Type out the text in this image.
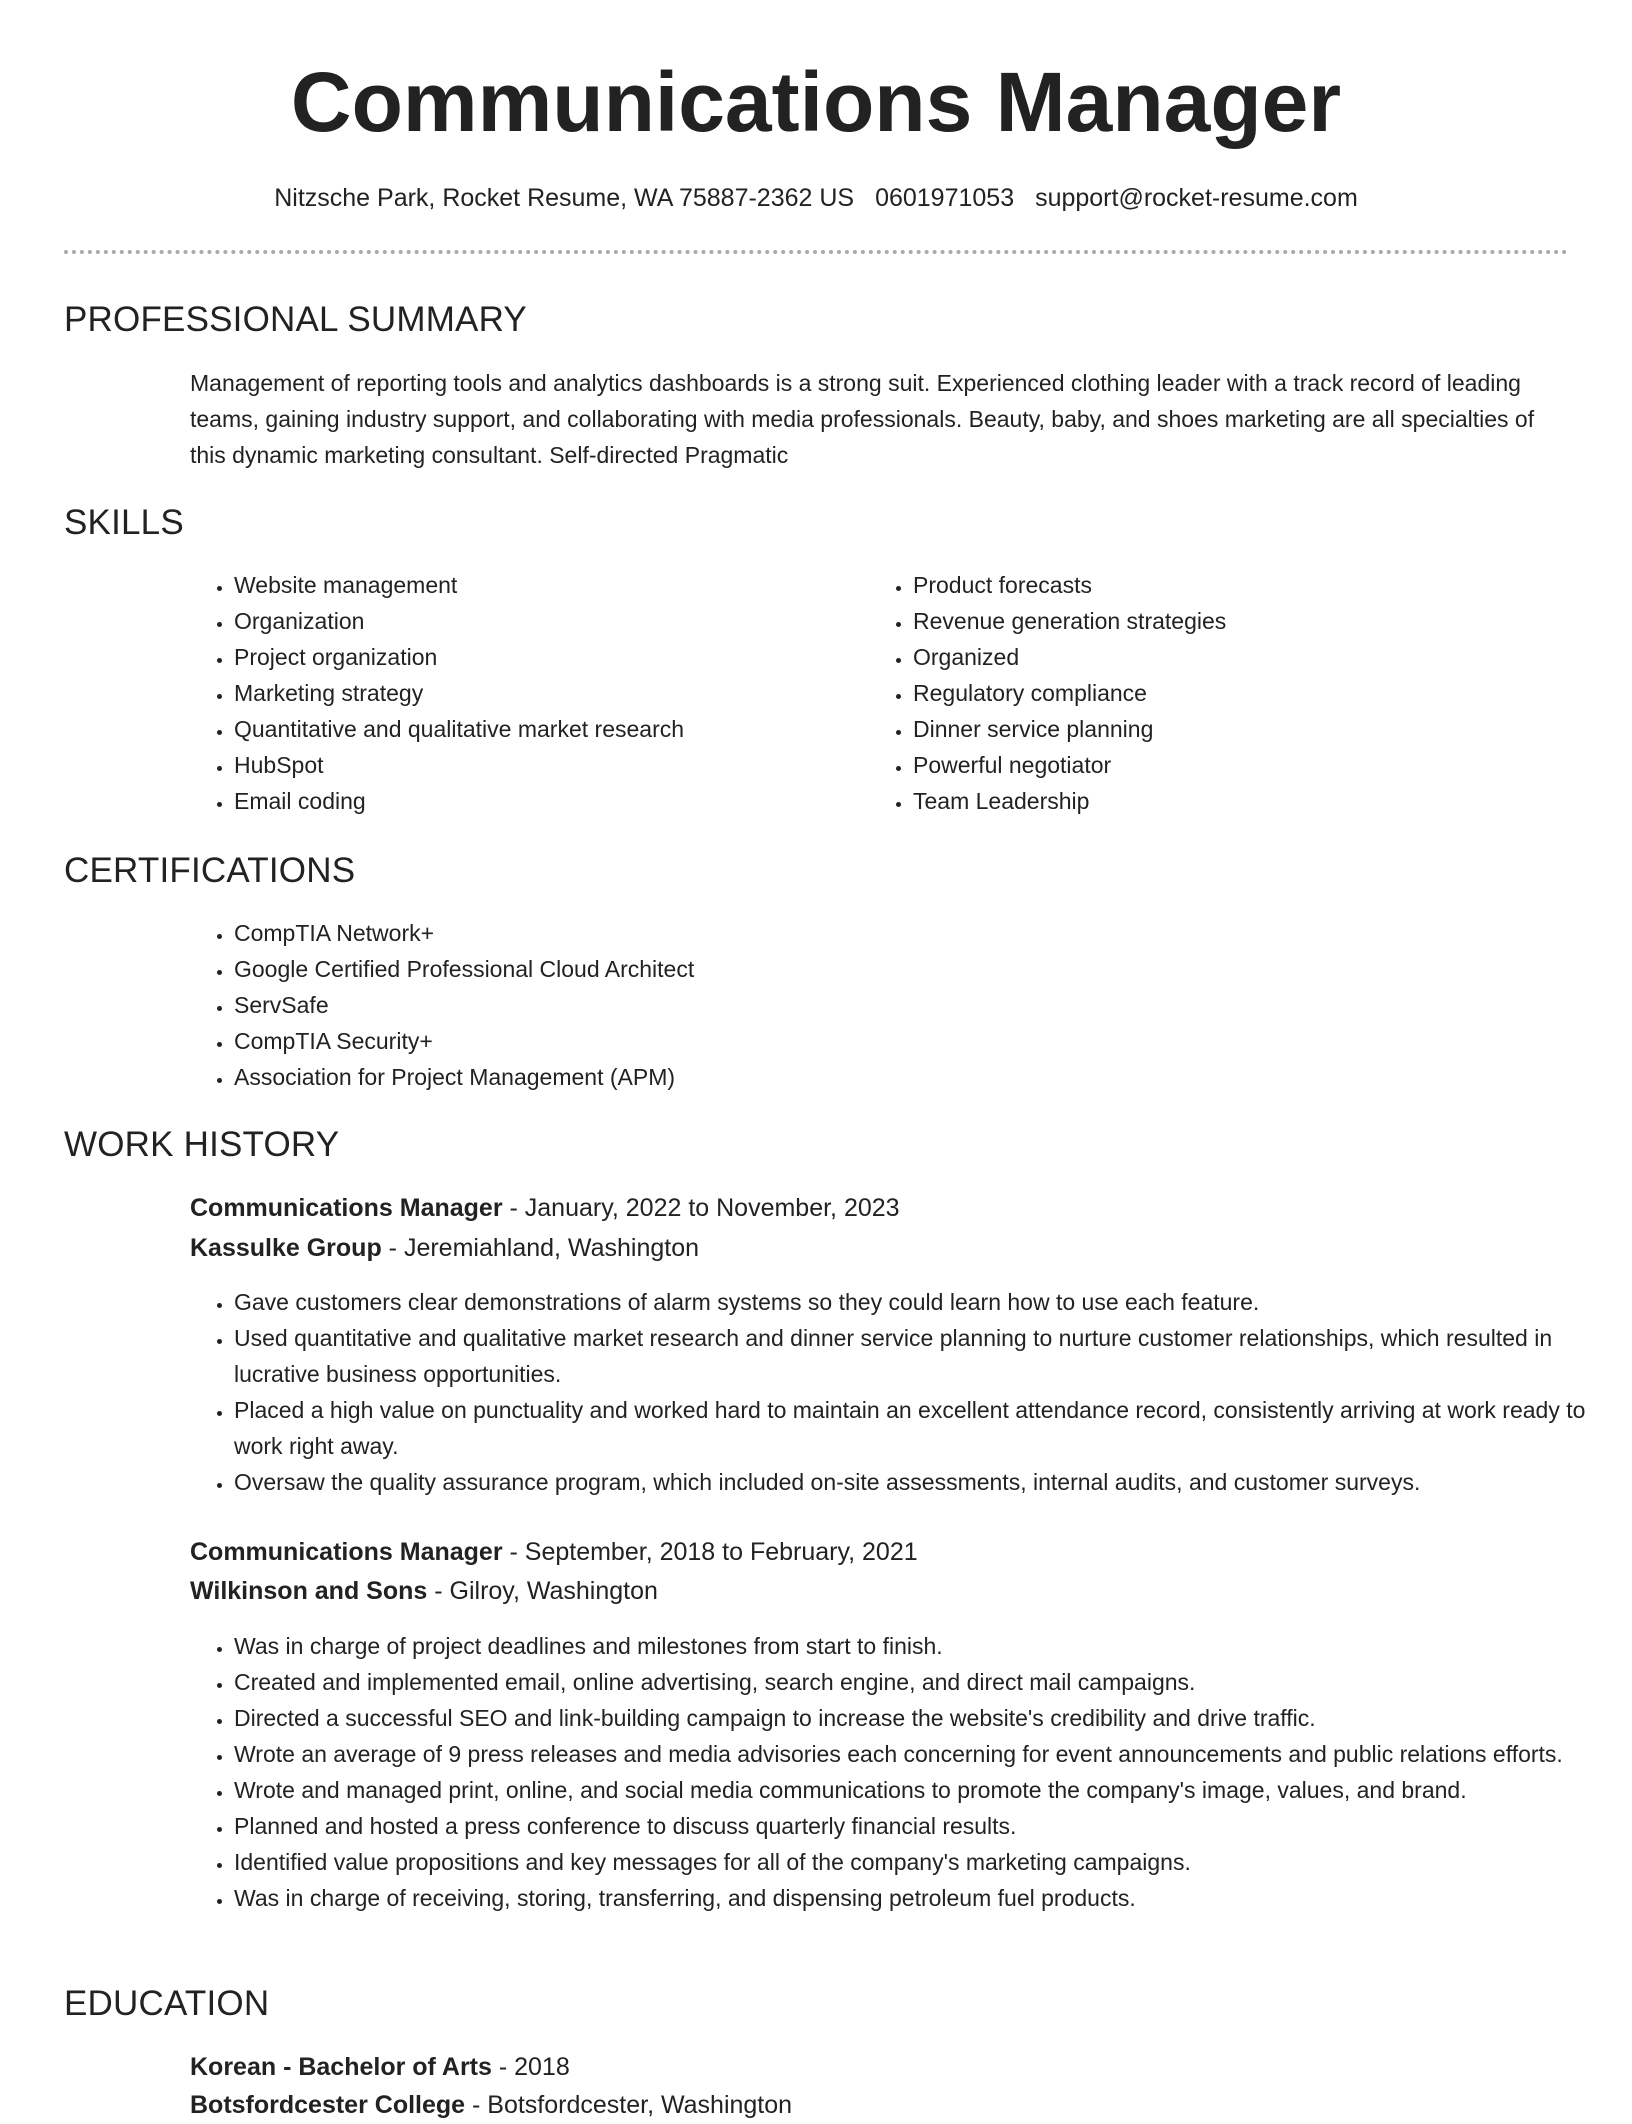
Communications Manager
Nitzsche Park, Rocket Resume, WA 75887-2362 US 0601971053 support@rocket-resume.com
PROFESSIONAL SUMMARY
Management of reporting tools and analytics dashboards is a strong suit. Experienced clothing leader with a track record of leading teams, gaining industry support, and collaborating with media professionals. Beauty, baby, and shoes marketing are all specialties of this dynamic marketing consultant. Self-directed Pragmatic
SKILLS
• Website management
• Organization
• Project organization
• Marketing strategy
• Quantitative and qualitative market research
• HubSpot
• Email coding
• Product forecasts
• Revenue generation strategies
• Organized
• Regulatory compliance
• Dinner service planning
• Powerful negotiator
• Team Leadership
CERTIFICATIONS
• CompTIA Network+
• Google Certified Professional Cloud Architect
• ServSafe
• CompTIA Security+
• Association for Project Management (APM)
WORK HISTORY
Communications Manager - January, 2022 to November, 2023
Kassulke Group - Jeremiahland, Washington
• Gave customers clear demonstrations of alarm systems so they could learn how to use each feature.
• Used quantitative and qualitative market research and dinner service planning to nurture customer relationships, which resulted in lucrative business opportunities.
• Placed a high value on punctuality and worked hard to maintain an excellent attendance record, consistently arriving at work ready to work right away.
• Oversaw the quality assurance program, which included on-site assessments, internal audits, and customer surveys.
Communications Manager - September, 2018 to February, 2021
Wilkinson and Sons - Gilroy, Washington
• Was in charge of project deadlines and milestones from start to finish.
• Created and implemented email, online advertising, search engine, and direct mail campaigns.
• Directed a successful SEO and link-building campaign to increase the website's credibility and drive traffic.
• Wrote an average of 9 press releases and media advisories each concerning for event announcements and public relations efforts.
• Wrote and managed print, online, and social media communications to promote the company's image, values, and brand.
• Planned and hosted a press conference to discuss quarterly financial results.
• Identified value propositions and key messages for all of the company's marketing campaigns.
• Was in charge of receiving, storing, transferring, and dispensing petroleum fuel products.
EDUCATION
Korean - Bachelor of Arts - 2018
Botsfordcester College - Botsfordcester, Washington
